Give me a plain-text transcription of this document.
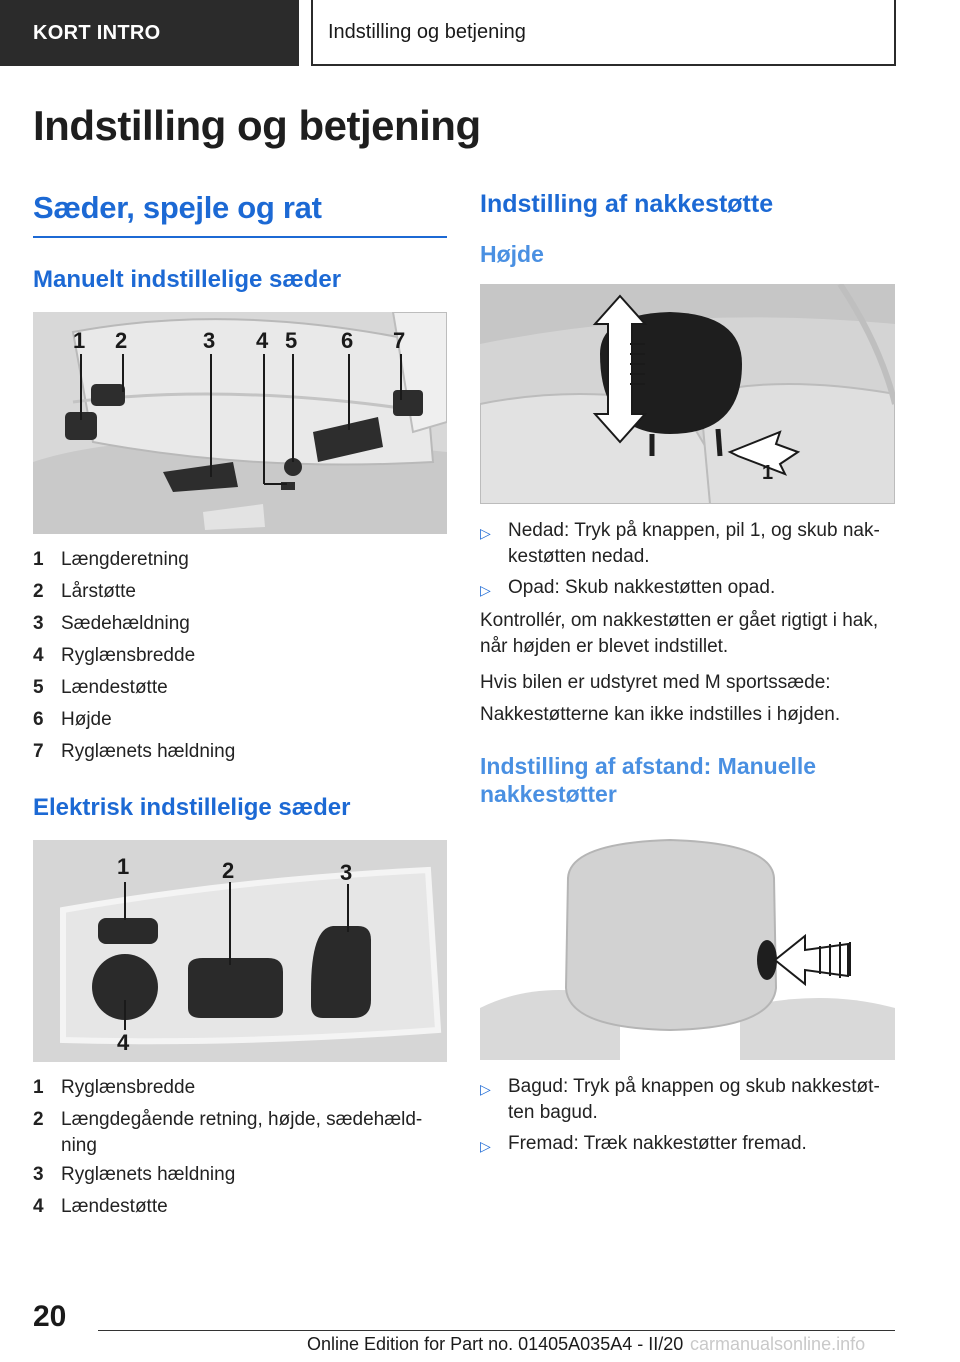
KORT INTRO	Indstilling og betjening
Indstilling og betjening
Sæder, spejle og rat
Manuelt indstillelige sæder
1 2	3 4 5 6 7
1 Længderetning
2 Lårstøtte
3 Sædehældning
4 Ryglænsbredde
5 Lændestøtte
6 Højde
7 Ryglænets hældning
Elektrisk indstillelige sæder
1	2	3
4
1 Ryglænsbredde
2 Længdegående retning, højde, sædehæld-ning
3 Ryglænets hældning
4 Lændestøtte
Indstilling af nakkestøtte
Højde
1
▷ Nedad: Tryk på knappen, pil 1, og skub nak-kestøtten nedad.
▷ Opad: Skub nakkestøtten opad.
Kontrollér, om nakkestøtten er gået rigtigt i hak, når højden er blevet indstillet.
Hvis bilen er udstyret med M sportssæde:
Nakkestøtterne kan ikke indstilles i højden.
Indstilling af afstand: Manuelle nakkestøtter
▷ Bagud: Tryk på knappen og skub nakkestøt-ten bagud.
▷ Fremad: Træk nakkestøtter fremad.
20
Online Edition for Part no. 01405A035A4 - II/20 carmanualsonline.info
